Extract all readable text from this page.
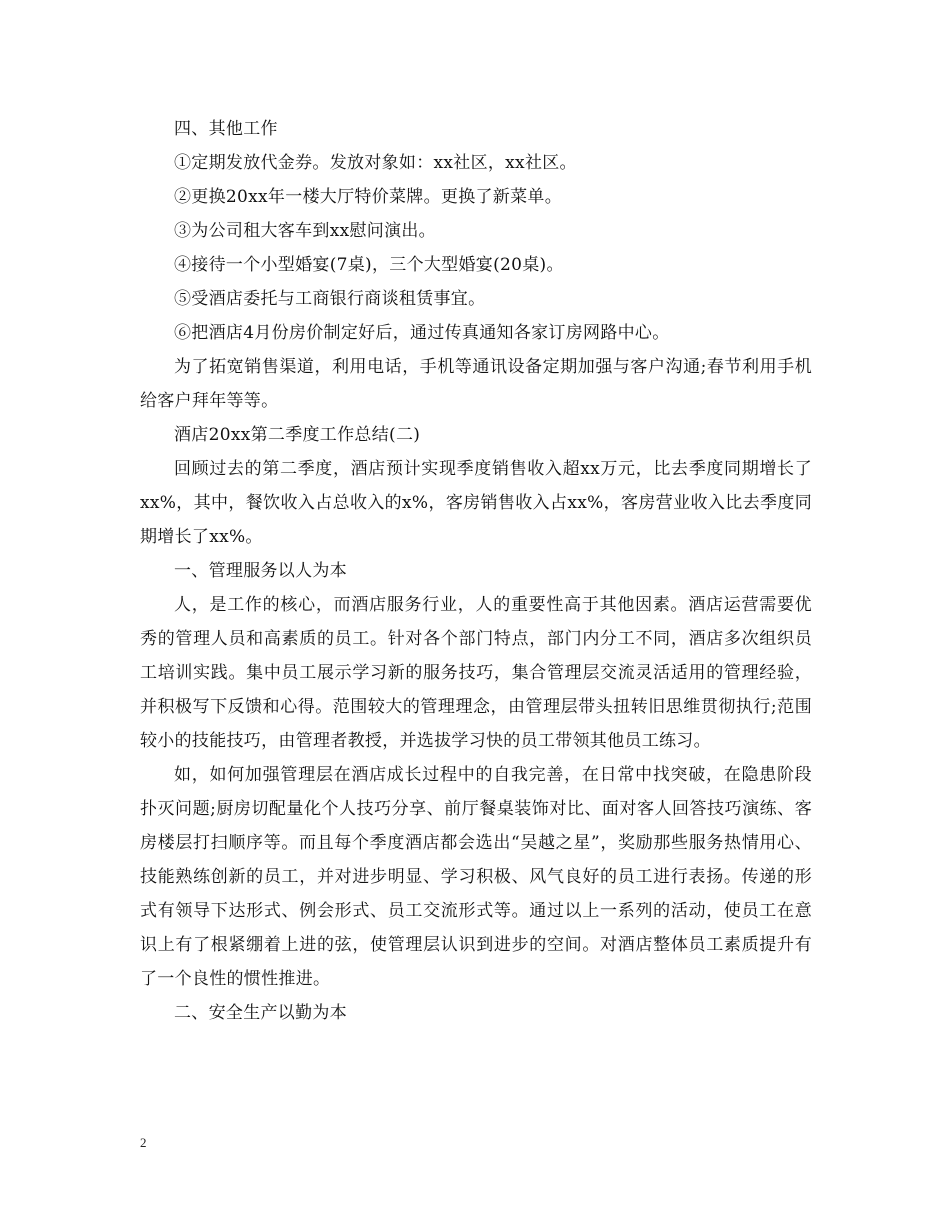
四、其他工作

①定期发放代金券。发放对象如：xx社区，xx社区。

②更换20xx年一楼大厅特价菜牌。更换了新菜单。

③为公司租大客车到xx慰问演出。

④接待一个小型婚宴(7桌)，三个大型婚宴(20桌)。

⑤受酒店委托与工商银行商谈租赁事宜。

⑥把酒店4月份房价制定好后，通过传真通知各家订房网路中心。

为了拓宽销售渠道，利用电话，手机等通讯设备定期加强与客户沟通;春节利用手机给客户拜年等等。

酒店20xx第二季度工作总结(二)

回顾过去的第二季度，酒店预计实现季度销售收入超xx万元，比去季度同期增长了xx%，其中，餐饮收入占总收入的x%，客房销售收入占xx%，客房营业收入比去季度同期增长了xx%。

一、管理服务以人为本

人，是工作的核心，而酒店服务行业，人的重要性高于其他因素。酒店运营需要优秀的管理人员和高素质的员工。针对各个部门特点，部门内分工不同，酒店多次组织员工培训实践。集中员工展示学习新的服务技巧，集合管理层交流灵活适用的管理经验，并积极写下反馈和心得。范围较大的管理理念，由管理层带头扭转旧思维贯彻执行;范围较小的技能技巧，由管理者教授，并选拔学习快的员工带领其他员工练习。

如，如何加强管理层在酒店成长过程中的自我完善，在日常中找突破，在隐患阶段扑灭问题;厨房切配量化个人技巧分享、前厅餐桌装饰对比、面对客人回答技巧演练、客房楼层打扫顺序等。而且每个季度酒店都会选出“吴越之星”，奖励那些服务热情用心、技能熟练创新的员工，并对进步明显、学习积极、风气良好的员工进行表扬。传递的形式有领导下达形式、例会形式、员工交流形式等。通过以上一系列的活动，使员工在意识上有了根紧绷着上进的弦，使管理层认识到进步的空间。对酒店整体员工素质提升有了一个良性的惯性推进。

二、安全生产以勤为本

2
